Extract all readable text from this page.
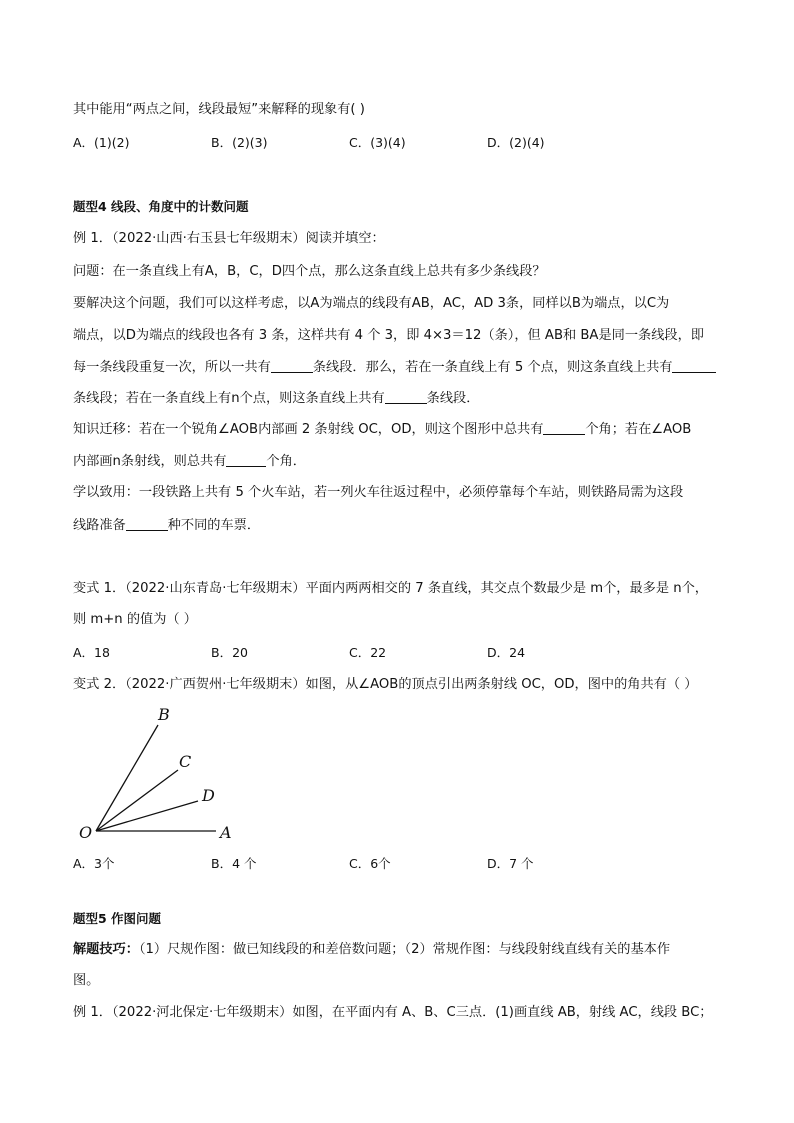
其中能用“两点之间，线段最短”来解释的现象有( )
A．(1)(2)	B．(2)(3)	C．(3)(4)	D．(2)(4)
题型4 线段、角度中的计数问题
例 1．（2022·山西·右玉县七年级期末）阅读并填空：
问题：在一条直线上有A，B，C，D四个点，那么这条直线上总共有多少条线段？
要解决这个问题，我们可以这样考虑，以A为端点的线段有AB，AC，AD 3条，同样以B为端点，以C为
端点，以D为端点的线段也各有 3 条，这样共有 4 个 3，即 4×3＝12（条），但 AB和 BA是同一条线段，即
每一条线段重复一次，所以一共有	条线段．那么，若在一条直线上有 5 个点，则这条直线上共有
条线段；若在一条直线上有n个点，则这条直线上共有	条线段．
知识迁移：若在一个锐角∠AOB内部画 2 条射线 OC，OD，则这个图形中总共有	个角；若在∠AOB
内部画n条射线，则总共有	个角．
学以致用：一段铁路上共有 5 个火车站，若一列火车往返过程中，必须停靠每个车站，则铁路局需为这段
线路准备	种不同的车票．
变式 1．（2022·山东青岛·七年级期末）平面内两两相交的 7 条直线，其交点个数最少是 m个，最多是 n个，
则 m+n 的值为（ ）
A．18	B．20	C．22	D．24
变式 2．（2022·广西贺州·七年级期末）如图，从∠AOB的顶点引出两条射线 OC，OD，图中的角共有（ ）
B
C
D
O	A
A．3个	B．4 个	C．6个	D．7 个
题型5 作图问题
解题技巧：（1）尺规作图：做已知线段的和差倍数问题；（2）常规作图：与线段射线直线有关的基本作
图。
例 1．（2022·河北保定·七年级期末）如图，在平面内有 A、B、C三点．(1)画直线 AB，射线 AC，线段 BC；
